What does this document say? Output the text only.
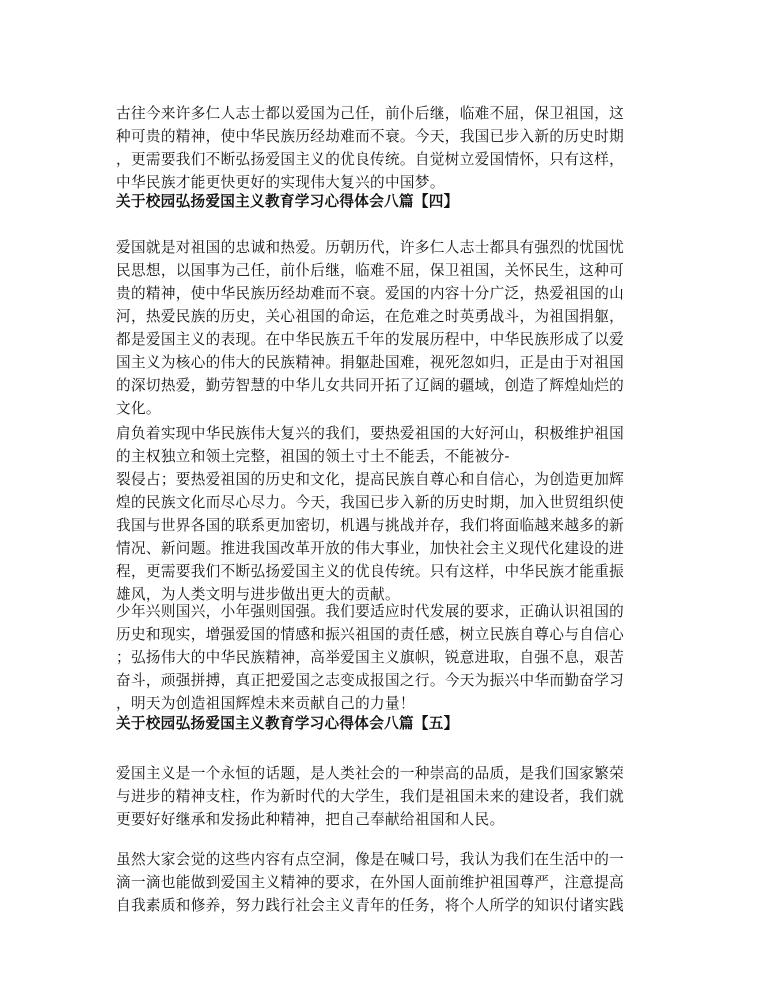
古往今来许多仁人志士都以爱国为己任，前仆后继，临难不屈，保卫祖国，这
种可贵的精神，使中华民族历经劫难而不衰。今天，我国已步入新的历史时期
，更需要我们不断弘扬爱国主义的优良传统。自觉树立爱国情怀，只有这样，
中华民族才能更快更好的实现伟大复兴的中国梦。

关于校园弘扬爱国主义教育学习心得体会八篇【四】

爱国就是对祖国的忠诚和热爱。历朝历代，许多仁人志士都具有强烈的忧国忧
民思想，以国事为己任，前仆后继，临难不屈，保卫祖国，关怀民生，这种可
贵的精神，使中华民族历经劫难而不衰。爱国的内容十分广泛，热爱祖国的山
河，热爱民族的历史，关心祖国的命运，在危难之时英勇战斗，为祖国捐躯，
都是爱国主义的表现。在中华民族五千年的发展历程中，中华民族形成了以爱
国主义为核心的伟大的民族精神。捐躯赴国难，视死忽如归，正是由于对祖国
的深切热爱，勤劳智慧的中华儿女共同开拓了辽阔的疆域，创造了辉煌灿烂的
文化。

肩负着实现中华民族伟大复兴的我们，要热爱祖国的大好河山，积极维护祖国
的主权独立和领土完整，祖国的领土寸土不能丢，不能被分-
裂侵占；要热爱祖国的历史和文化，提高民族自尊心和自信心，为创造更加辉
煌的民族文化而尽心尽力。今天，我国已步入新的历史时期，加入世贸组织使
我国与世界各国的联系更加密切，机遇与挑战并存，我们将面临越来越多的新
情况、新问题。推进我国改革开放的伟大事业，加快社会主义现代化建设的进
程，更需要我们不断弘扬爱国主义的优良传统。只有这样，中华民族才能重振
雄风，为人类文明与进步做出更大的贡献。

少年兴则国兴，小年强则国强。我们要适应时代发展的要求，正确认识祖国的
历史和现实，增强爱国的情感和振兴祖国的责任感，树立民族自尊心与自信心
；弘扬伟大的中华民族精神，高举爱国主义旗帜，锐意进取，自强不息，艰苦
奋斗，顽强拼搏，真正把爱国之志变成报国之行。今天为振兴中华而勤奋学习
，明天为创造祖国辉煌未来贡献自己的力量！

关于校园弘扬爱国主义教育学习心得体会八篇【五】

爱国主义是一个永恒的话题，是人类社会的一种崇高的品质，是我们国家繁荣
与进步的精神支柱，作为新时代的大学生，我们是祖国未来的建设者，我们就
更要好好继承和发扬此种精神，把自己奉献给祖国和人民。

虽然大家会觉的这些内容有点空洞，像是在喊口号，我认为我们在生活中的一
滴一滴也能做到爱国主义精神的要求，在外国人面前维护祖国尊严，注意提高
自我素质和修养，努力践行社会主义青年的任务，将个人所学的知识付诸实践
